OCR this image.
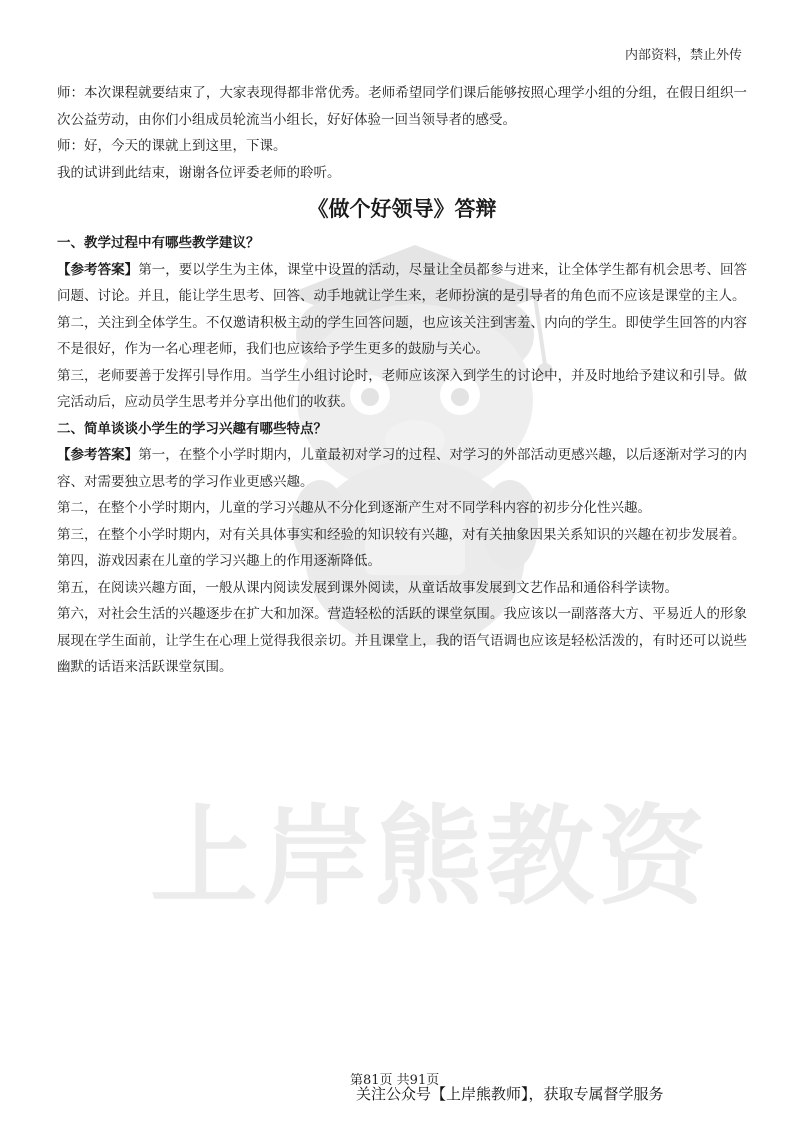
上岸熊教资
内部资料，禁止外传

师：本次课程就要结束了，大家表现得都非常优秀。老师希望同学们课后能够按照心理学小组的分组，在假日组织一次公益劳动，由你们小组成员轮流当小组长，好好体验一回当领导者的感受。

师：好，今天的课就上到这里，下课。

我的试讲到此结束，谢谢各位评委老师的聆听。

《做个好领导》答辩

一、教学过程中有哪些教学建议？

【参考答案】第一，要以学生为主体，课堂中设置的活动，尽量让全员都参与进来，让全体学生都有机会思考、回答问题、讨论。并且，能让学生思考、回答、动手地就让学生来，老师扮演的是引导者的角色而不应该是课堂的主人。

第二，关注到全体学生。不仅邀请积极主动的学生回答问题，也应该关注到害羞、内向的学生。即使学生回答的内容不是很好，作为一名心理老师，我们也应该给予学生更多的鼓励与关心。

第三，老师要善于发挥引导作用。当学生小组讨论时，老师应该深入到学生的讨论中，并及时地给予建议和引导。做完活动后，应动员学生思考并分享出他们的收获。

二、简单谈谈小学生的学习兴趣有哪些特点？

【参考答案】第一，在整个小学时期内，儿童最初对学习的过程、对学习的外部活动更感兴趣，以后逐渐对学习的内容、对需要独立思考的学习作业更感兴趣。

第二，在整个小学时期内，儿童的学习兴趣从不分化到逐渐产生对不同学科内容的初步分化性兴趣。

第三，在整个小学时期内，对有关具体事实和经验的知识较有兴趣，对有关抽象因果关系知识的兴趣在初步发展着。

第四，游戏因素在儿童的学习兴趣上的作用逐渐降低。

第五，在阅读兴趣方面，一般从课内阅读发展到课外阅读，从童话故事发展到文艺作品和通俗科学读物。

第六，对社会生活的兴趣逐步在扩大和加深。营造轻松的活跃的课堂氛围。我应该以一副落落大方、平易近人的形象展现在学生面前，让学生在心理上觉得我很亲切。并且课堂上，我的语气语调也应该是轻松活泼的，有时还可以说些幽默的话语来活跃课堂氛围。

第81页 共91页
关注公众号【上岸熊教师】，获取专属督学服务
